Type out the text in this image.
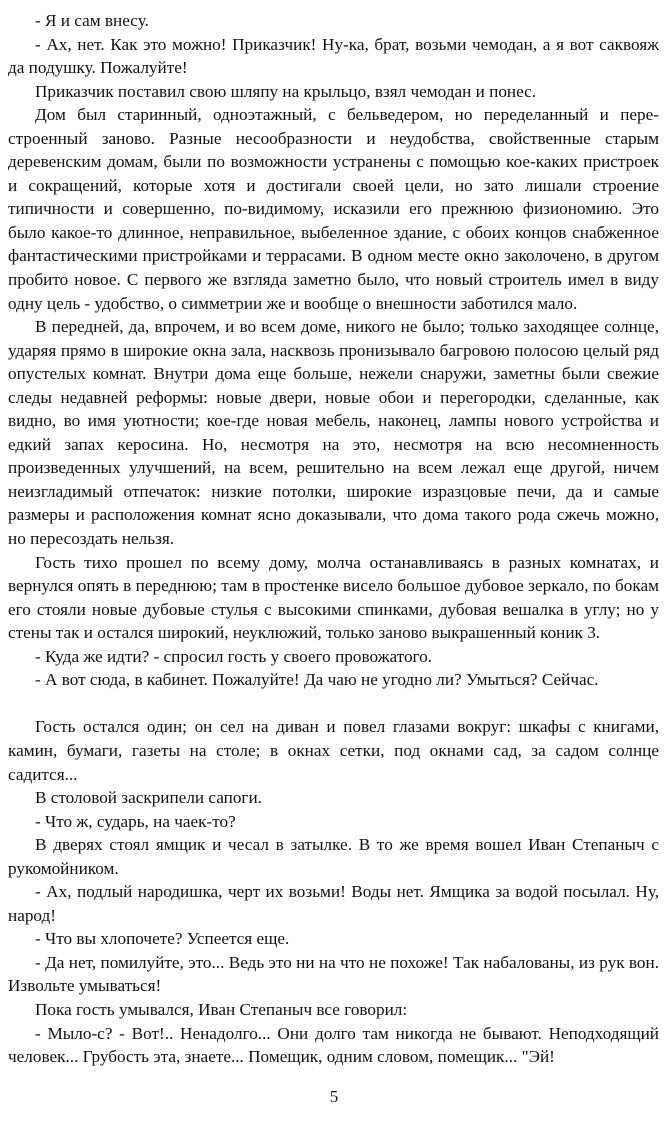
- Я и сам внесу.

- Ах, нет. Как это можно! Приказчик! Ну-ка, брат, возьми чемодан, а я вот саквояж да подушку. Пожалуйте!

Приказчик поставил свою шляпу на крыльцо, взял чемодан и понес.

Дом был старинный, одноэтажный, с бельведером, но переделанный и перестроенный заново. Разные несообразности и неудобства, свойственные старым деревенским домам, были по возможности устранены с помощью кое-каких пристроек и сокращений, которые хотя и достигали своей цели, но зато лишали строение типичности и совершенно, по-видимому, исказили его прежнюю физиономию. Это было какое-то длинное, неправильное, выбеленное здание, с обоих концов снабженное фантастическими пристройками и террасами. В одном месте окно заколочено, в другом пробито новое. С первого же взгляда заметно было, что новый строитель имел в виду одну цель - удобство, о симметрии же и вообще о внешности заботился мало.

В передней, да, впрочем, и во всем доме, никого не было; только заходящее солнце, ударяя прямо в широкие окна зала, насквозь пронизывало багровою полосою целый ряд опустелых комнат. Внутри дома еще больше, нежели снаружи, заметны были свежие следы недавней реформы: новые двери, новые обои и перегородки, сделанные, как видно, во имя уютности; кое-где новая мебель, наконец, лампы нового устройства и едкий запах керосина. Но, несмотря на это, несмотря на всю несомненность произведенных улучшений, на всем, решительно на всем лежал еще другой, ничем неизгладимый отпечаток: низкие потолки, широкие изразцовые печи, да и самые размеры и расположения комнат ясно доказывали, что дома такого рода сжечь можно, но пересоздать нельзя.

Гость тихо прошел по всему дому, молча останавливаясь в разных комнатах, и вернулся опять в переднюю; там в простенке висело большое дубовое зеркало, по бокам его стояли новые дубовые стулья с высокими спинками, дубовая вешалка в углу; но у стены так и остался широкий, неуклюжий, только заново выкрашенный коник 3.

- Куда же идти? - спросил гость у своего провожатого.

- А вот сюда, в кабинет. Пожалуйте! Да чаю не угодно ли? Умыться? Сейчас.

Гость остался один; он сел на диван и повел глазами вокруг: шкафы с книгами, камин, бумаги, газеты на столе; в окнах сетки, под окнами сад, за садом солнце садится...

В столовой заскрипели сапоги.

- Что ж, сударь, на чаек-то?

В дверях стоял ямщик и чесал в затылке. В то же время вошел Иван Степаныч с рукомойником.

- Ах, подлый народишка, черт их возьми! Воды нет. Ямщика за водой посылал. Ну, народ!

- Что вы хлопочете? Успеется еще.

- Да нет, помилуйте, это... Ведь это ни на что не похоже! Так набалованы, из рук вон. Извольте умываться!

Пока гость умывался, Иван Степаныч все говорил:

- Мыло-с? - Вот!.. Ненадолго... Они долго там никогда не бывают. Неподходящий человек... Грубость эта, знаете... Помещик, одним словом, помещик... "Эй!

5
